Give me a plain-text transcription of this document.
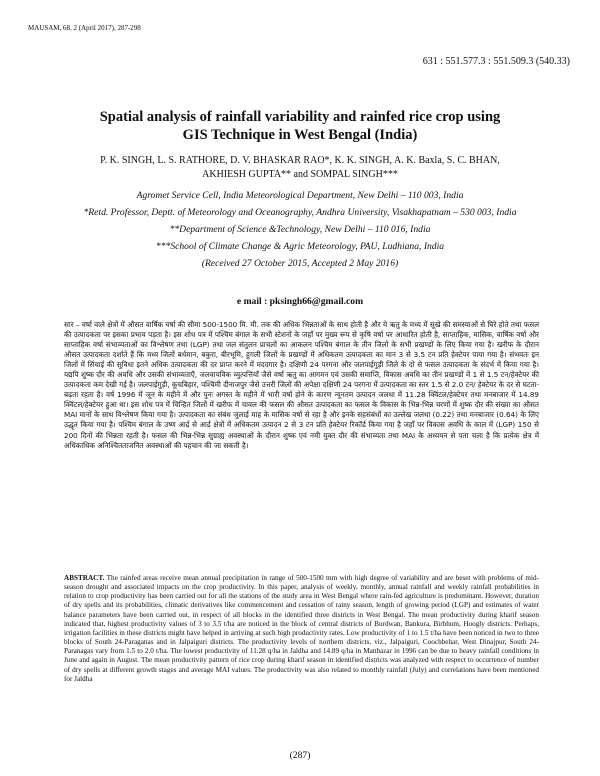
MAUSAM, 68, 2 (April 2017), 287-298
631 : 551.577.3 : 551.509.3 (540.33)
Spatial analysis of rainfall variability and rainfed rice crop using
GIS Technique in West Bengal (India)
P. K. SINGH, L. S. RATHORE, D. V. BHASKAR RAO*, K. K. SINGH, A. K. Baxla, S. C. BHAN,
AKHIESH GUPTA** and SOMPAL SINGH***
Agromet Service Cell, India Meteorological Department, New Delhi – 110 003, India
*Retd. Professor, Deptt. of Meteorology and Oceanography, Andhra University, Visakhapatnam – 530 003, India
**Department of Science &Technology, New Delhi – 110 016, India
***School of Climate Change & Agric Meteorology, PAU, Ludhiana, India
(Received 27 October 2015, Accepted 2 May 2016)
e mail : pksingh66@gmail.com

सार – वर्षा वाले क्षेत्रों में औसत वार्षिक वर्षा की सीमा 500-1500 मि. मी. तक की अधिक भिन्नताओं के साथ होती है और ये ऋतु के मध्य में सूखे की समस्याओं से घिरे होते तथा फसल की उत्पादकता पर इसका प्रभाव पड़ता है। इस शोध पत्र में पश्चिम बंगाल के सभी स्टेशनों के जहाँ पर मुख्य रूप से कृषि वर्षा पर आधारित होती है, साप्ताहिक, मासिक, वार्षिक वर्षा और साप्ताहिक वर्षा संभाव्यताओं का विश्लेषण तथा (LGP) तथा जल संतुलन प्राचलों का आकलन पश्चिम बंगाल के तीन जिलों के सभी प्रखण्डों के लिए किया गया है। खरीफ के दौरान औसत उत्पादकता दर्शाते हैं कि मध्य जिलों बर्धमान, बकुरा, बीरभूमि, हुगली जिलों के प्रखण्डों में अधिकतम उत्पादकता का मान 3 से 3.5 टन प्रति हेक्टेयर पाया गया है। संभवतः इन जिलों में सिंचाई की सुविधा इतने अधिक उत्पादकता की दर प्राप्त करने में मददगार है। दक्षिणी 24 परगना और जलपाईगुड़ी जिले के दो से फसल उत्पादकता के संदर्भ में किया गया है। यद्यपि शुष्क दौर की अवधि और उसकी संभाव्यताएँ, जलवायविक व्युत्पत्तियाँ जैसे वर्षा ऋतु का आगमन एवं उसकी समाप्ति, विकास अवधि का तीन प्रखण्डों में 1 से 1.5 टन/हेक्टेयर की उत्पादकता कम देखी गई है। जलपाईगुड़ी, कूचबिहार, पश्चिमी दीनाजपुर जैसे उत्तरी जिलों की अपेक्षा दक्षिणी 24 परगना में उत्पादकता का स्तर 1.5 से 2.0 टन/ हेक्टेयर के दर से घटता-बढ़ता रहता है। वर्ष 1996 में जून के महीने में और पुनः अगस्त के महीने में भारी वर्षा होने के कारण न्यूनतम उत्पादन जलधा में 11.28 क्विंटल/हेक्टेयर तथा मनबाजार में 14.89 क्विंटल/हेक्टेयर हुआ था। इस शोध पत्र में चिन्हित जिलों में खरीफ में चावल की फसल की औसत उत्पादकता का फसल के विकास के भिन्न-भिन्न चरणों में शुष्क दौर की संख्या का औसत MAI मानों के साथ विश्लेषण किया गया है। उत्पादकता का संबंध जुलाई माह के मासिक वर्षा से रहा है और इनके सहसंबंधों का उल्लेख जलधा (0.22) तथा मनबाजार (0.64) के लिए उद्धृत किया गया है। पश्चिम बंगाल के उष्ण आर्द्र से आर्द्र क्षेत्रों में अधिकतम उत्पादन 2 से 3 टन प्रति हेक्टेयर रिकॉर्ड किया गया है जहाँ पर विकास अवधि के काल में (LGP) 150 से 200 दिनों की भिन्नता रहती है। फसल की भिन्न-भिन्न सुग्राह्य अवस्थाओं के दौरान शुष्क एवं नमी युक्त दौर की संभाव्यता तथा MAI के अध्ययन से पता चला है कि प्रत्येक क्षेत्र में अधिकाधिक अनिश्चितताजनित अवस्थाओं की पहचान की जा सकती है।

ABSTRACT. The rainfed areas receive mean annual precipitation in range of 500-1500 mm with high degree of variability and are beset with problems of mid-season drought and associated impacts on the crop productivity. In this paper, analysis of weekly, monthly, annual rainfall and weekly rainfall probabilities in relation to crop productivity has been carried out for all the stations of the study area in West Bengal where rain-fed agriculture is predominant. However, duration of dry spells and its probabilities, climatic derivatives like commencement and cessation of rainy season, length of growing period (LGP) and estimates of water balance parameters have been carried out, in respect of all blocks in the identified three districts in West Bengal. The mean productivity during kharif season indicated that, highest productivity values of 3 to 3.5 t/ha are noticed in the block of central districts of Burdwan, Bankura, Birbhum, Hoogly districts. Perhaps, irrigation facilities in these districts might have helped in arriving at such high productivity rates. Low productivity of 1 to 1.5 t/ha have been noticed in two to three blocks of South 24-Paraganas and in Jalpaiguri districts. The productivity levels of northern districts, viz., Jalpaiguri, Coochbehar, West Dinajpur, South 24-Paranagas vary from 1.5 to 2.0 t/ha. The lowest productivity of 11.28 q/ha in Jaldha and 14.89 q/ha in Manbazar in 1996 can be due to heavy rainfall conditions in June and again in August. The mean productivity pattern of rice crop during kharif season in identified districts was analyzed with respect to occurrence of number of dry spells at different growth stages and average MAI values. The productivity was also related to monthly rainfall (July) and correlations have been mentioned for Jaldha

(287)
